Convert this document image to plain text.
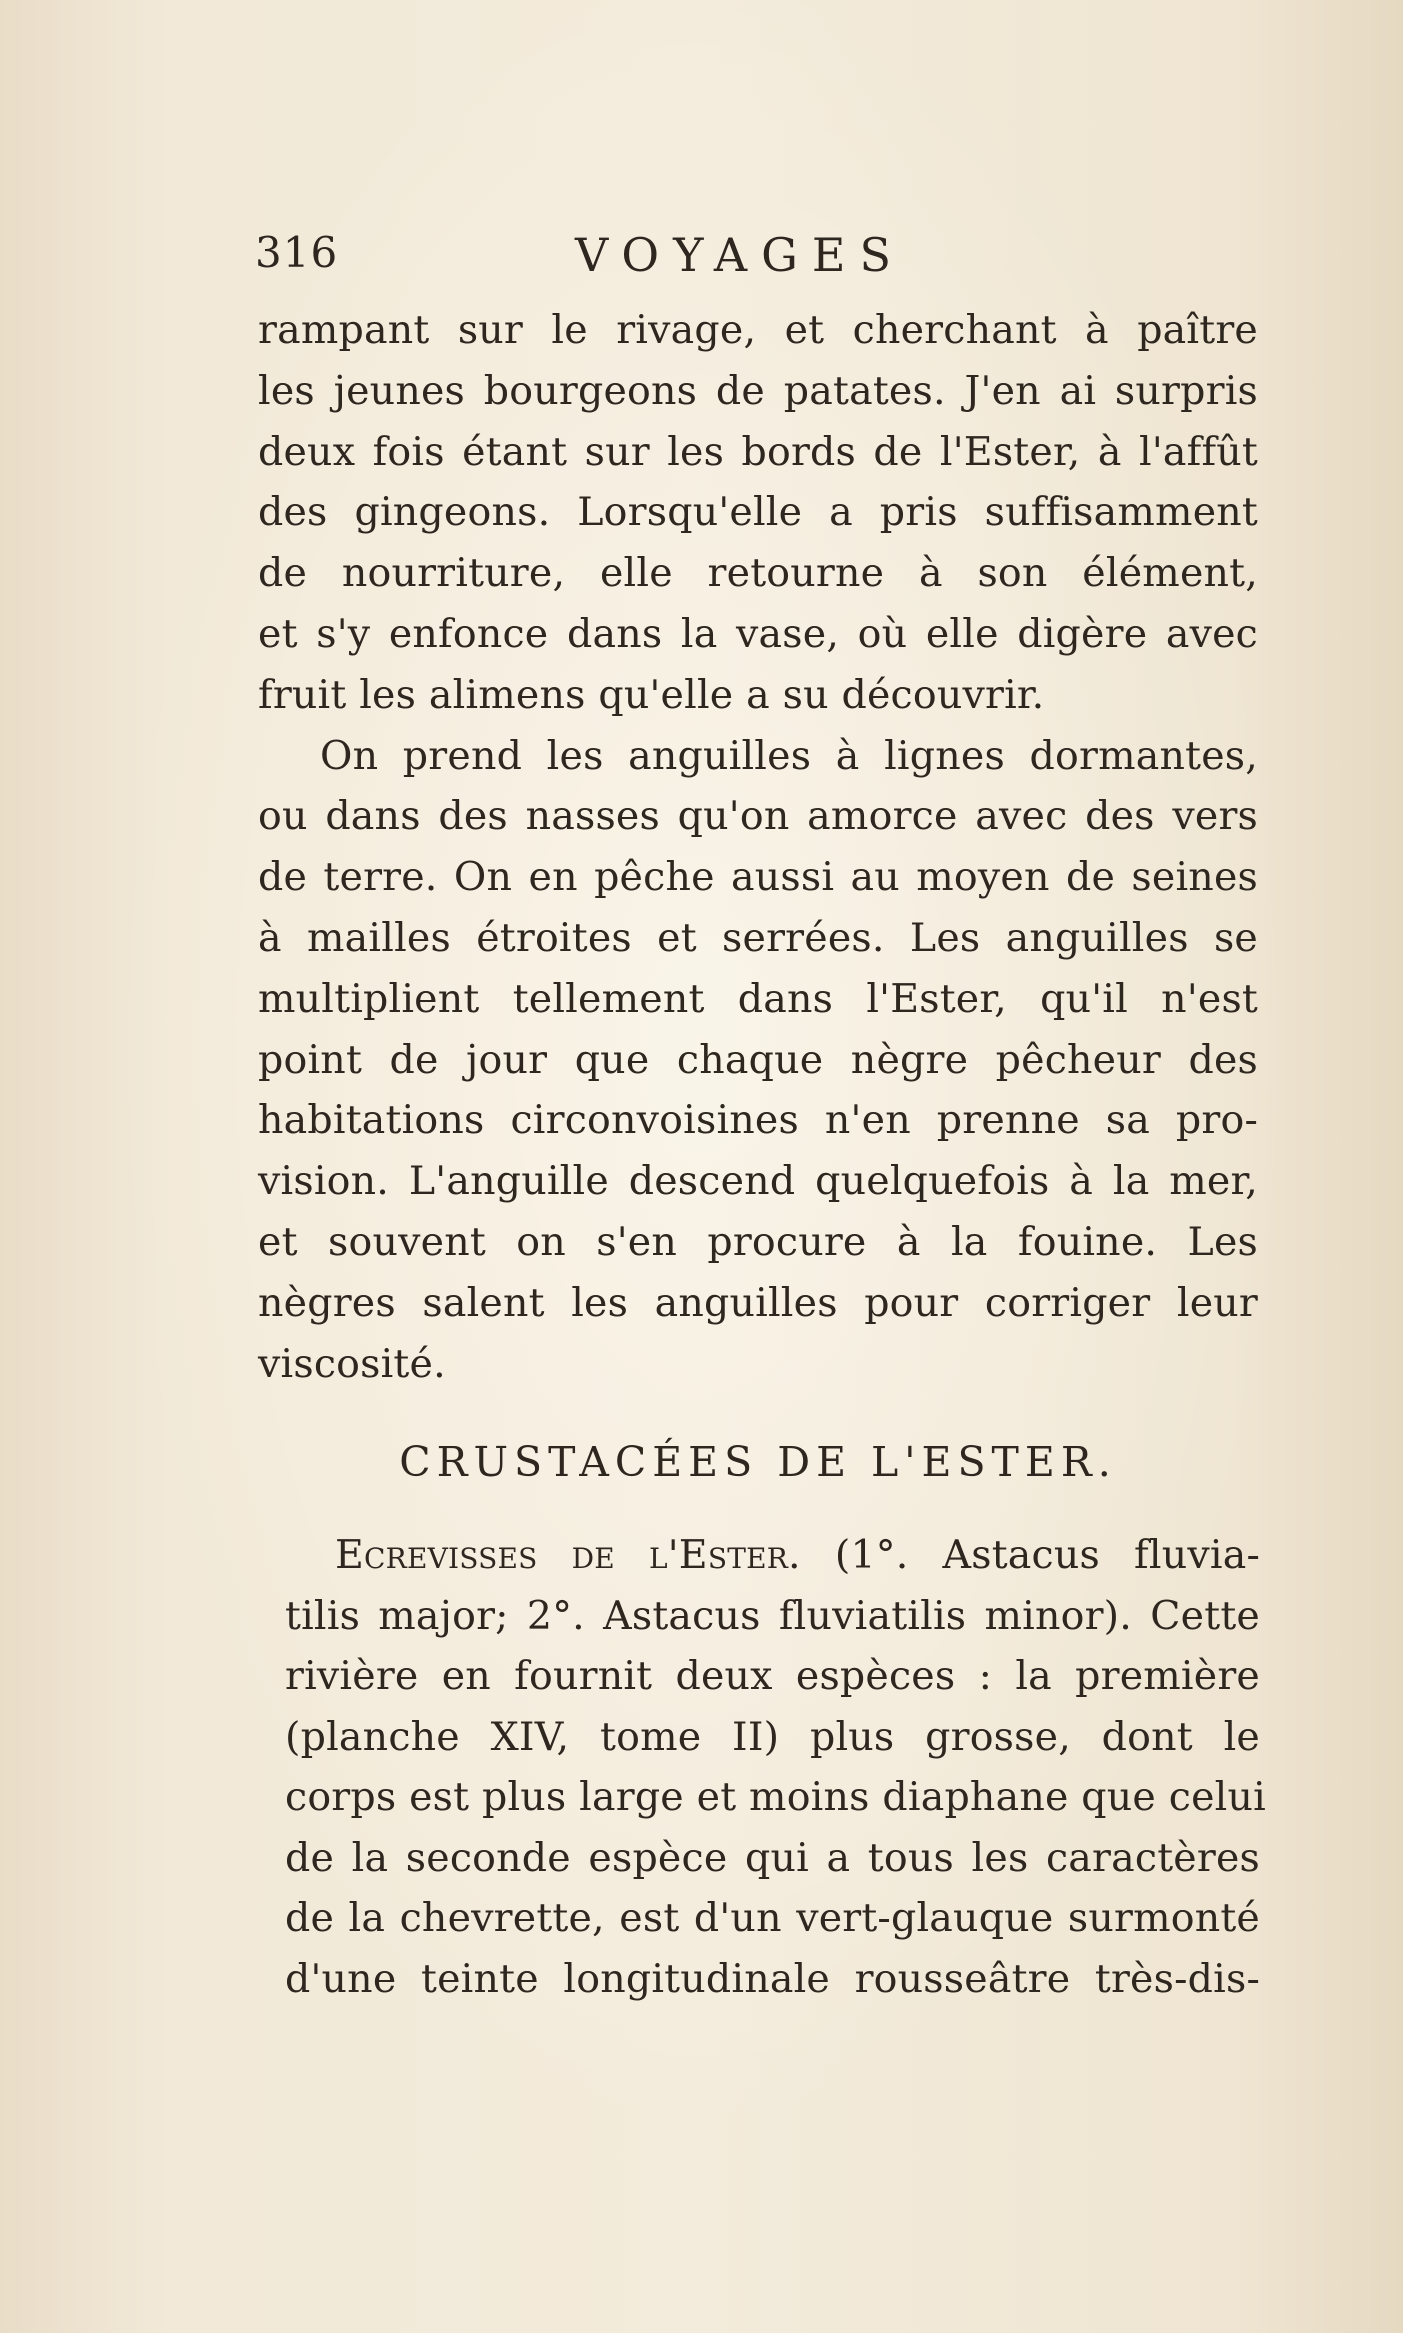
316	VOYAGES

rampant sur le rivage, et cherchant à paître
les jeunes bourgeons de patates. J'en ai surpris
deux fois étant sur les bords de l'Ester, à l'affût
des gingeons. Lorsqu'elle a pris suffisamment
de nourriture, elle retourne à son élément,
et s'y enfonce dans la vase, où elle digère avec
fruit les alimens qu'elle a su découvrir.

On prend les anguilles à lignes dormantes,
ou dans des nasses qu'on amorce avec des vers
de terre. On en pêche aussi au moyen de seines
à mailles étroites et serrées. Les anguilles se
multiplient tellement dans l'Ester, qu'il n'est
point de jour que chaque nègre pêcheur des
habitations circonvoisines n'en prenne sa pro-
vision. L'anguille descend quelquefois à la mer,
et souvent on s'en procure à la fouine. Les
nègres salent les anguilles pour corriger leur
viscosité.

CRUSTACÉES DE L'ESTER.
Ecrevisses de l'Ester. (1°. Astacus fluvia-
tilis major; 2°. Astacus fluviatilis minor). Cette
rivière en fournit deux espèces : la première
(planche XIV, tome II) plus grosse, dont le
corps est plus large et moins diaphane que celui
de la seconde espèce qui a tous les caractères
de la chevrette, est d'un vert-glauque surmonté
d'une teinte longitudinale rousseâtre très-dis-
